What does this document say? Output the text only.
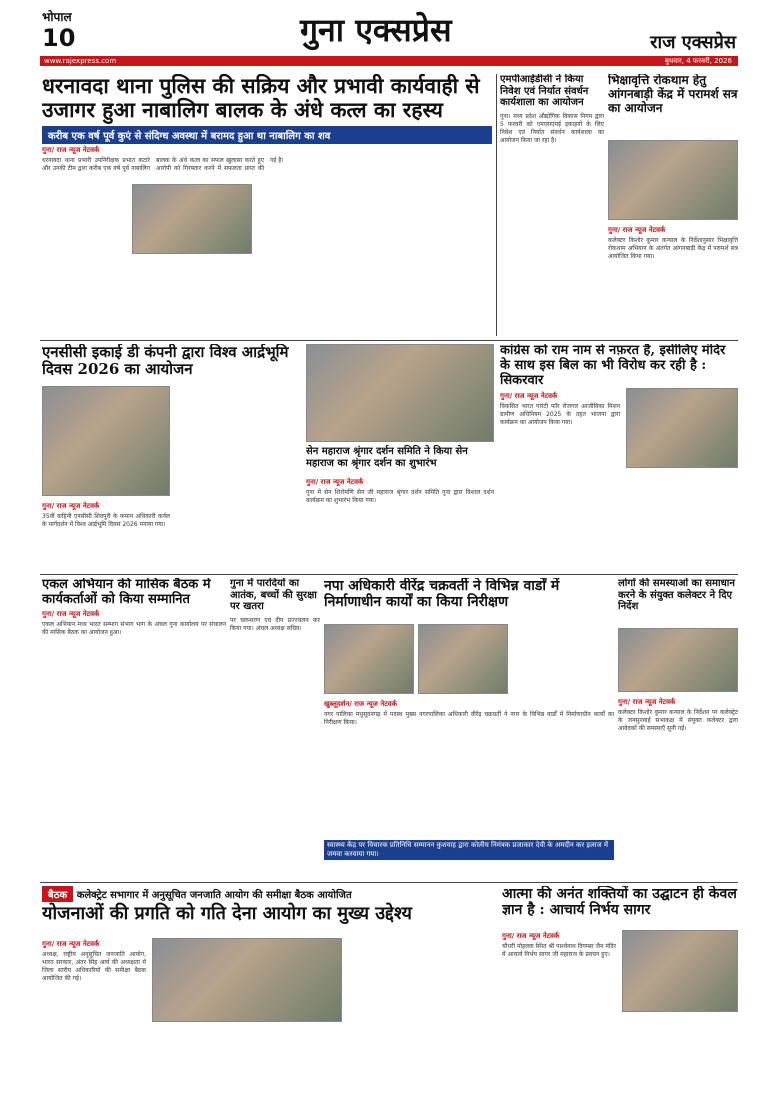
भोपाल
10	गुना एक्सप्रेस	राज एक्सप्रेस
www.rajexpress.com	बुधवार, 4 फरवरी, 2026
धरनावदा थाना पुलिस की सक्रिय और प्रभावी कार्यवाही से उजागर हुआ नाबालिग बालक के अंधे कत्ल का रहस्य
करीब एक वर्ष पूर्व कुएं से संदिग्ध अवस्था में बरामद हुआ था नाबालिग का शव
गुना/ राज न्यूज नेटवर्क
धरनावदा थाना प्रभारी उपनिरीक्षक प्रभात कटारे और उनकी टीम द्वारा करीब एक वर्ष पूर्व नाबालिग बालक के अंधे कत्ल का सफल खुलासा करते हुए आरोपी को गिरफ्तार करने में सफलता प्राप्त की गई है।
एमपीआईडीसी ने किया निवेश एवं निर्यात संवर्धन कार्यशाला का आयोजन
गुना। मध्य प्रदेश औद्योगिक विकास निगम द्वारा 5 फरवरी को एमएसएमई इकाइयों के लिए निवेश एवं निर्यात संवर्धन कार्यशाला का आयोजन किया जा रहा है।
भिक्षावृत्ति रोकथाम हेतु आंगनबाड़ी केंद्र में परामर्श सत्र का आयोजन
गुना/ राज न्यूज नेटवर्क
कलेक्टर किशोर कुमार कन्याल के निर्देशानुसार भिक्षावृत्ति रोकथाम अभियान के अंतर्गत आंगनबाड़ी केंद्र में परामर्श सत्र आयोजित किया गया।
एनसीसी इकाई डी कंपनी द्वारा विश्व आर्द्रभूमि दिवस 2026 का आयोजन
गुना/ राज न्यूज नेटवर्क
35वीं वाहिनी एनसीसी शिवपुरी के कमान अधिकारी कर्नल के मार्गदर्शन में विश्व आर्द्रभूमि दिवस 2026 मनाया गया।
सेन महाराज श्रृंगार दर्शन समिति ने किया सेन महाराज का श्रृंगार दर्शन का शुभारंभ
गुना/ राज न्यूज नेटवर्क
गुना में सेन शिरोमणि सेन जी महाराज श्रृंगार दर्शन समिति गुना द्वारा विशाल दर्शन कार्यक्रम का शुभारंभ किया गया।
कांग्रेस को राम नाम से नफ़रत है, इसीलिए मंदिर के साथ इस बिल का भी विरोध कर रही है : सिकरवार
गुना/ राज न्यूज नेटवर्क
विकसित भारत गारंटी फॉर रोजगार आजीविका मिशन ग्रामीण अधिनियम 2025 के तहत भाजपा द्वारा कार्यक्रम का आयोजन किया गया।
एकल अभियान की मासिक बैठक में कार्यकर्ताओं को किया सम्मानित
गुना/ राज न्यूज नेटवर्क
एकल अभियान मध्य भारत सम्भाग संभाग भाग के अंचल गुना कार्यालय पर संचालन की मासिक बैठक का आयोजन हुआ।
गुना में पारदियों का आतंक, बच्चों की सुरक्षा पर खतरा
पर चलन्धरण एवं दीप प्रज्ज्वलन कर किया गया। अंचल अध्यक्ष सचिव।
नपा अधिकारी वीरेंद्र चक्रवर्ती ने विभिन्न वार्डों में निर्माणाधीन कार्यों का किया निरीक्षण
खुब्लूदर्शन/ राज न्यूज नेटवर्क
नगर पालिका मधुसूदनगढ़ में पदस्थ मुख्य नगरपालिका अधिकारी वीरेंद्र चक्रवर्ती ने नगर के विभिन्न वार्डों में निर्माणाधीन कार्यों का निरीक्षण किया।
स्वास्थ्य केंद्र पर विचारक प्रतिनिधि सम्मानन कुशवाह द्वारा कोलीय निमंत्रक प्रजाकार देवी के अमदीन कर इलाज में जमवा करवाया गया।
लोगों की समस्याओं का समाधान करने के संयुक्त कलेक्टर ने दिए निर्देश
गुना/ राज न्यूज नेटवर्क
कलेक्टर किशोर कुमार कन्याल के निर्देशन पर कलेक्ट्रेट के जनसुनवाई सभाकक्ष में संयुक्त कलेक्टर द्वारा आवेदकों की समस्याएँ सुनी गईं।
बैठक कलेक्ट्रेट सभागार में अनुसूचित जनजाति आयोग की समीक्षा बैठक आयोजित
योजनाओं की प्रगति को गति देना आयोग का मुख्य उद्देश्य
गुना/ राज न्यूज नेटवर्क
अध्यक्ष, राष्ट्रीय अनुसूचित जनजाति आयोग, भारत सरकार, अंतर सिंह आर्य की अध्यक्षता में जिला स्तरीय अधिकारियों की समीक्षा बैठक आयोजित की गई।
आत्मा की अनंत शक्तियों का उद्घाटन ही केवल ज्ञान है : आचार्य निर्भय सागर
गुना/ राज न्यूज नेटवर्क
चौधरी मोहल्ला स्थित श्री पार्श्वनाथ दिगम्बर जैन मंदिर में आचार्य निर्भय सागर जी महाराज के प्रवचन हुए।
